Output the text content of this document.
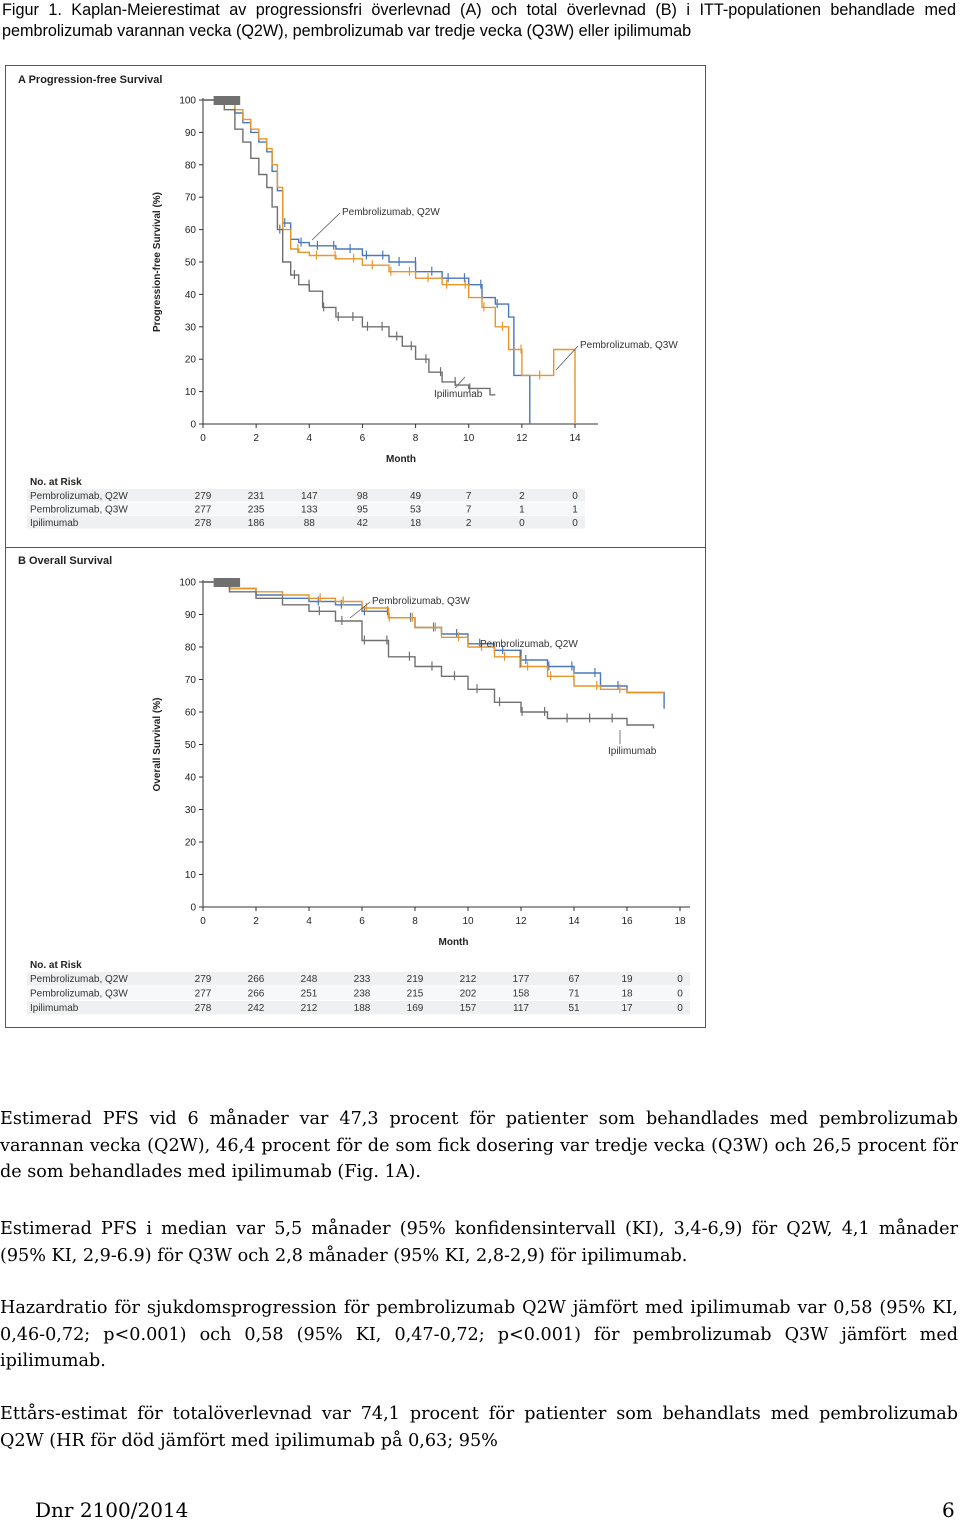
Figur 1. Kaplan-Meierestimat av progressionsfri överlevnad (A) och total överlevnad (B) i ITT-populationen behandlade med pembrolizumab varannan vecka (Q2W), pembrolizumab var tredje vecka (Q3W) eller ipilimumab
A Progression-free Survival
0
10
20
30
40
50
60
70
80
90
100
0	2	4	6	8	10	12	14
Month
Progression-free Survival (%)	Pembrolizumab, Q2W
Pembrolizumab, Q3W
Ipilimumab
No. at Risk
Pembrolizumab, Q2W	279	231	147	98	49	7	2	0
Pembrolizumab, Q3W	277	235	133	95	53	7	1	1
Ipilimumab	278	186	88	42	18	2	0	0
B Overall Survival
0
10
20
30
40
50
60
70
80
90
100
0	2	4	6	8	10	12	14	16	18
Month
Overall Survival (%)
Pembrolizumab, Q3W
Pembrolizumab, Q2W
Ipilimumab
No. at Risk
Pembrolizumab, Q2W	279	266	248	233	219	212	177	67	19	0
Pembrolizumab, Q3W	277	266	251	238	215	202	158	71	18	0
Ipilimumab	278	242	212	188	169	157	117	51	17	0
Estimerad PFS vid 6 månader var 47,3 procent för patienter som behandlades med pembrolizumab varannan vecka (Q2W), 46,4 procent för de som fick dosering var tredje vecka (Q3W) och 26,5 procent för de som behandlades med ipilimumab (Fig. 1A).
Estimerad PFS i median var 5,5 månader (95% konfidensintervall (KI), 3,4-6,9) för Q2W, 4,1 månader (95% KI, 2,9-6.9) för Q3W och 2,8 månader (95% KI, 2,8-2,9) för ipilimumab.
Hazardratio för sjukdomsprogression för pembrolizumab Q2W jämfört med ipilimumab var 0,58 (95% KI, 0,46-0,72; p<0.001) och 0,58 (95% KI, 0,47-0,72; p<0.001) för pembrolizumab Q3W jämfört med ipilimumab.
Ettårs-estimat för totalöverlevnad var 74,1 procent för patienter som behandlats med pembrolizumab Q2W (HR för död jämfört med ipilimumab på 0,63; 95%
Dnr 2100/2014	6
